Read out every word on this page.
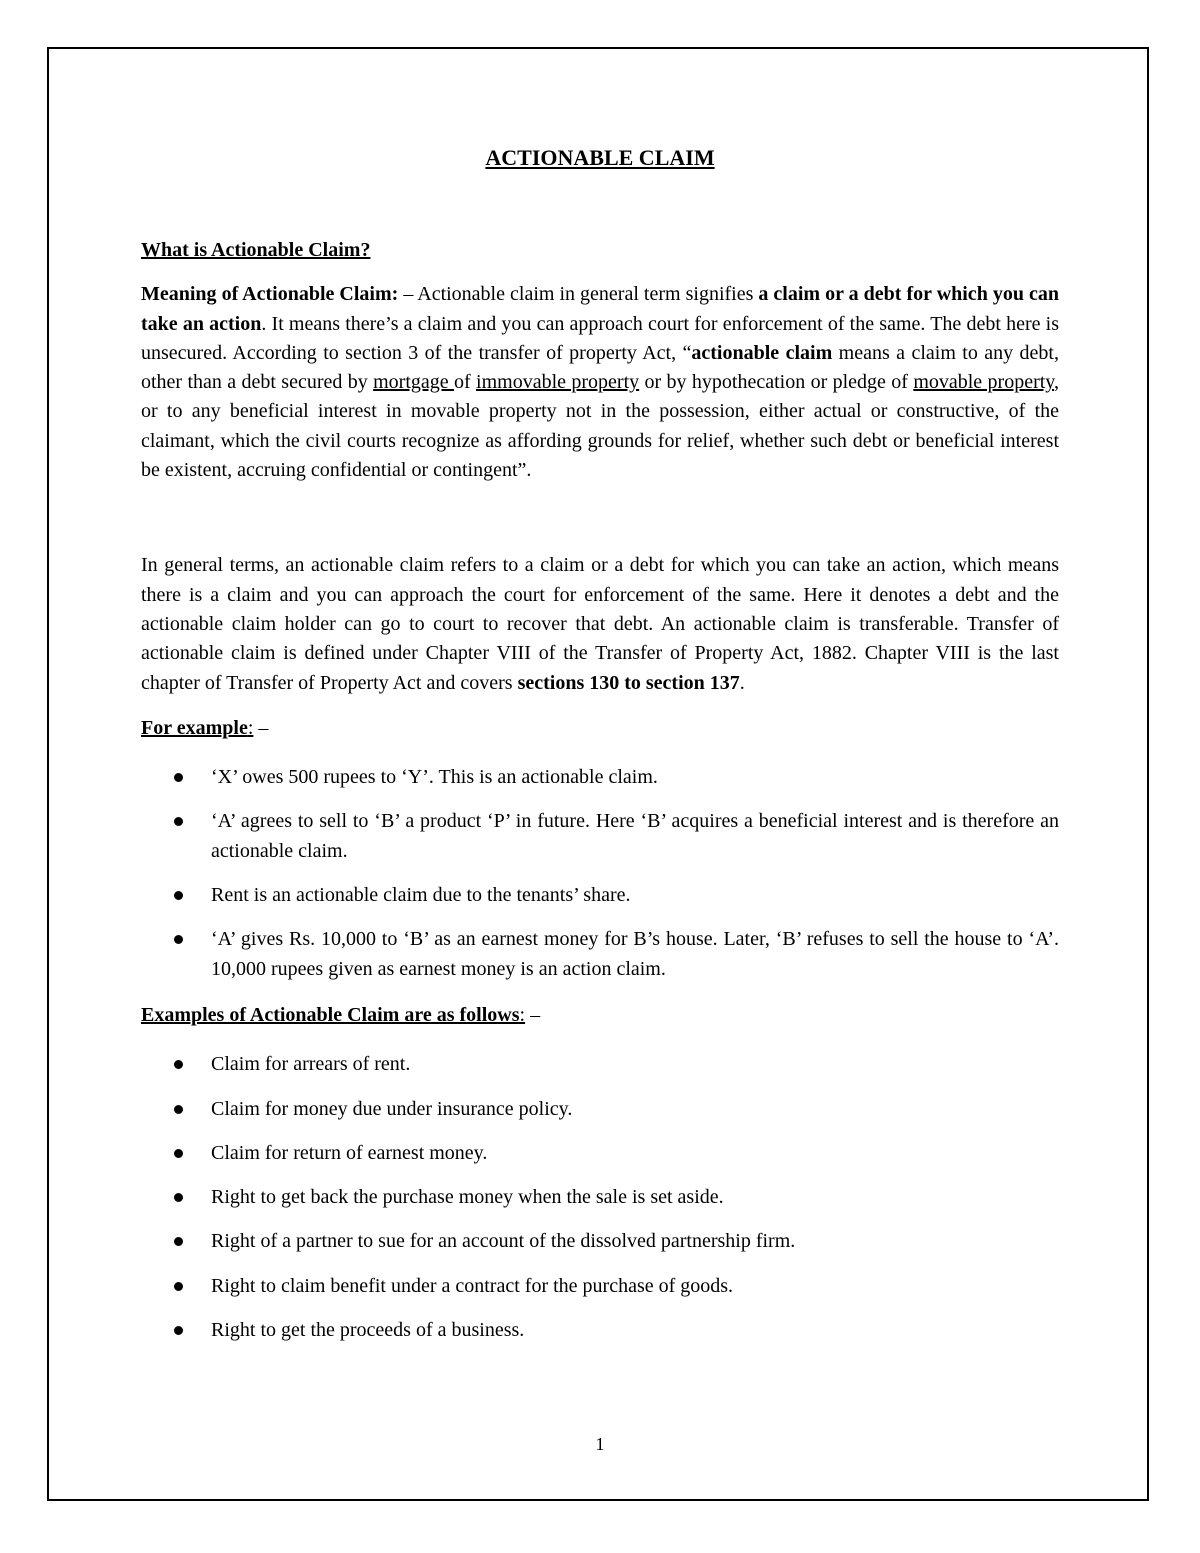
ACTIONABLE CLAIM

What is Actionable Claim?

Meaning of Actionable Claim: – Actionable claim in general term signifies a claim or a debt for which you can take an action. It means there’s a claim and you can approach court for enforcement of the same. The debt here is unsecured. According to section 3 of the transfer of property Act, “actionable claim means a claim to any debt, other than a debt secured by mortgage of immovable property or by hypothecation or pledge of movable property, or to any beneficial interest in movable property not in the possession, either actual or constructive, of the claimant, which the civil courts recognize as affording grounds for relief, whether such debt or beneficial interest be existent, accruing confidential or contingent”.

In general terms, an actionable claim refers to a claim or a debt for which you can take an action, which means there is a claim and you can approach the court for enforcement of the same. Here it denotes a debt and the actionable claim holder can go to court to recover that debt. An actionable claim is transferable. Transfer of actionable claim is defined under Chapter VIII of the Transfer of Property Act, 1882. Chapter VIII is the last chapter of Transfer of Property Act and covers sections 130 to section 137.

For example: –

‘X’ owes 500 rupees to ‘Y’. This is an actionable claim.
‘A’ agrees to sell to ‘B’ a product ‘P’ in future. Here ‘B’ acquires a beneficial interest and is therefore an actionable claim.
Rent is an actionable claim due to the tenants’ share.
‘A’ gives Rs. 10,000 to ‘B’ as an earnest money for B’s house. Later, ‘B’ refuses to sell the house to ‘A’. 10,000 rupees given as earnest money is an action claim.

Examples of Actionable Claim are as follows: –

Claim for arrears of rent.
Claim for money due under insurance policy.
Claim for return of earnest money.
Right to get back the purchase money when the sale is set aside.
Right of a partner to sue for an account of the dissolved partnership firm.
Right to claim benefit under a contract for the purchase of goods.
Right to get the proceeds of a business.
1
